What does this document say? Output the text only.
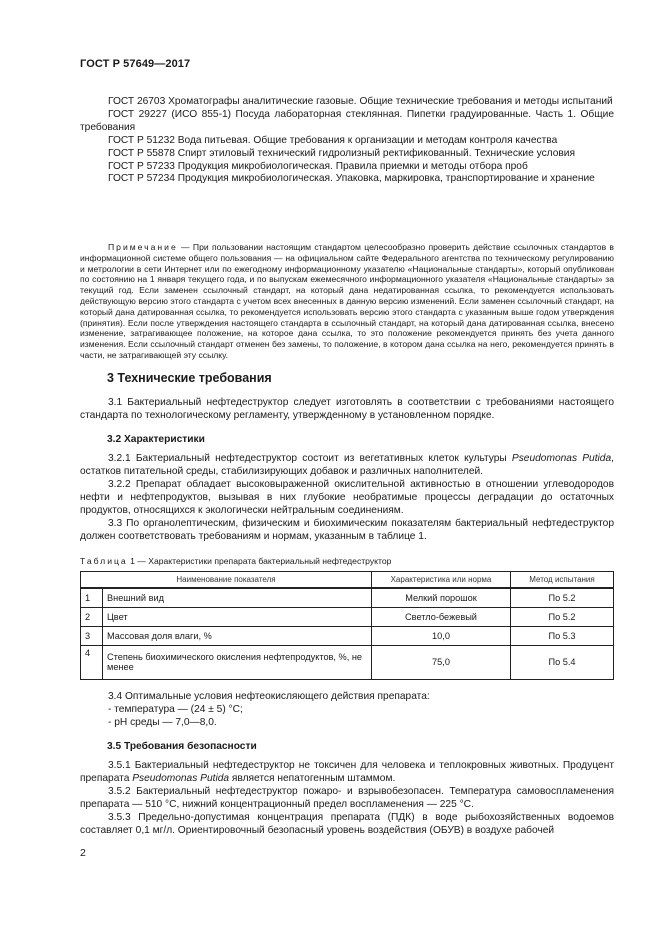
ГОСТ Р 57649—2017

ГОСТ 26703 Хроматографы аналитические газовые. Общие технические требования и методы испытаний

ГОСТ 29227 (ИСО 855-1) Посуда лабораторная стеклянная. Пипетки градуированные. Часть 1. Общие требования

ГОСТ Р 51232 Вода питьевая. Общие требования к организации и методам контроля качества

ГОСТ Р 55878 Спирт этиловый технический гидролизный ректификованный. Технические условия

ГОСТ Р 57233 Продукция микробиологическая. Правила приемки и методы отбора проб

ГОСТ Р 57234 Продукция микробиологическая. Упаковка, маркировка, транспортирование и хранение

Примечание — При пользовании настоящим стандартом целесообразно проверить действие ссылочных стандартов в информационной системе общего пользования — на официальном сайте Федерального агентства по техническому регулированию и метрологии в сети Интернет или по ежегодному информационному указателю «Национальные стандарты», который опубликован по состоянию на 1 января текущего года, и по выпускам ежемесячного информационного указателя «Национальные стандарты» за текущий год. Если заменен ссылочный стандарт, на который дана недатированная ссылка, то рекомендуется использовать действующую версию этого стандарта с учетом всех внесенных в данную версию изменений. Если заменен ссылочный стандарт, на который дана датированная ссылка, то рекомендуется использовать версию этого стандарта с указанным выше годом утверждения (принятия). Если после утверждения настоящего стандарта в ссылочный стандарт, на который дана датированная ссылка, внесено изменение, затрагивающее положение, на которое дана ссылка, то это положение рекомендуется принять без учета данного изменения. Если ссылочный стандарт отменен без замены, то положение, в котором дана ссылка на него, рекомендуется принять в части, не затрагивающей эту ссылку.

3 Технические требования

3.1 Бактериальный нефтедеструктор следует изготовлять в соответствии с требованиями настоящего стандарта по технологическому регламенту, утвержденному в установленном порядке.

3.2 Характеристики

3.2.1 Бактериальный нефтедеструктор состоит из вегетативных клеток культуры Pseudomonas Putida, остатков питательной среды, стабилизирующих добавок и различных наполнителей.

3.2.2 Препарат обладает высоковыраженной окислительной активностью в отношении углеводородов нефти и нефтепродуктов, вызывая в них глубокие необратимые процессы деградации до остаточных продуктов, относящихся к экологически нейтральным соединениям.

3.3 По органолептическим, физическим и биохимическим показателям бактериальный нефтедеструктор должен соответствовать требованиям и нормам, указанным в таблице 1.

Таблица 1 — Характеристики препарата бактериальный нефтедеструктор
Наименование показателя		Характеристика или норма	Метод испытания
1	Внешний вид	Мелкий порошок	По 5.2
2	Цвет	Светло-бежевый	По 5.2
3	Массовая доля влаги, %	10,0	По 5.3
4	Степень биохимического окисления нефтепродуктов, %, не менее	75,0	По 5.4

3.4 Оптимальные условия нефтеокисляющего действия препарата:

- температура — (24 ± 5) °С;

- pH среды — 7,0—8,0.

3.5 Требования безопасности

3.5.1 Бактериальный нефтедеструктор не токсичен для человека и теплокровных животных. Продуцент препарата Pseudomonas Putida является непатогенным штаммом.

3.5.2 Бактериальный нефтедеструктор пожаро- и взрывобезопасен. Температура самовоспламенения препарата — 510 °С, нижний концентрационный предел воспламенения — 225 °С.

3.5.3 Предельно-допустимая концентрация препарата (ПДК) в воде рыбохозяйственных водоемов составляет 0,1 мг/л. Ориентировочный безопасный уровень воздействия (ОБУВ) в воздухе рабочей

2
